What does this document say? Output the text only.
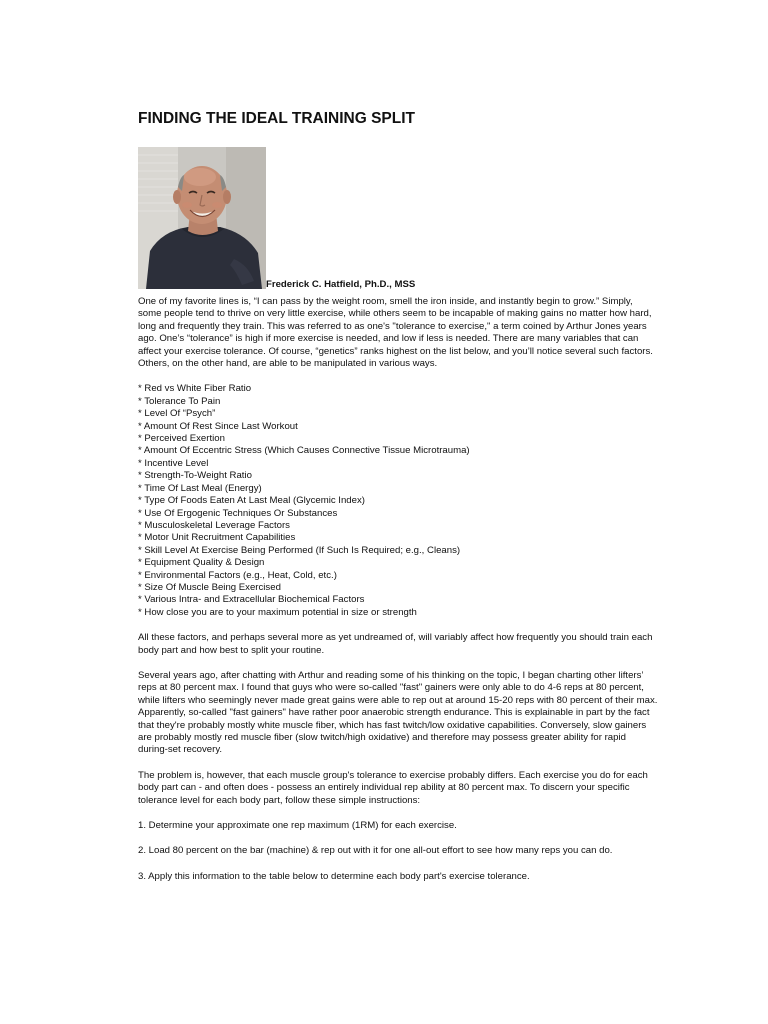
FINDING THE IDEAL TRAINING SPLIT
Frederick C. Hatfield, Ph.D., MSS

One of my favorite lines is, “I can pass by the weight room, smell the iron inside, and instantly begin to grow.” Simply, some people tend to thrive on very little exercise, while others seem to be incapable of making gains no matter how hard, long and frequently they train. This was referred to as one's "tolerance to exercise," a term coined by Arthur Jones years ago. One’s “tolerance” is high if more exercise is needed, and low if less is needed. There are many variables that can affect your exercise tolerance. Of course, “genetics” ranks highest on the list below, and you’ll notice several such factors. Others, on the other hand, are able to be manipulated in various ways.

* Red vs White Fiber Ratio
* Tolerance To Pain
* Level Of “Psych”
* Amount Of Rest Since Last Workout
* Perceived Exertion
* Amount Of Eccentric Stress (Which Causes Connective Tissue Microtrauma)
* Incentive Level
* Strength-To-Weight Ratio
* Time Of Last Meal (Energy)
* Type Of Foods Eaten At Last Meal (Glycemic Index)
* Use Of Ergogenic Techniques Or Substances
* Musculoskeletal Leverage Factors
* Motor Unit Recruitment Capabilities
* Skill Level At Exercise Being Performed (If Such Is Required; e.g., Cleans)
* Equipment Quality & Design
* Environmental Factors (e.g., Heat, Cold, etc.)
* Size Of Muscle Being Exercised
* Various Intra- and Extracellular Biochemical Factors
* How close you are to your maximum potential in size or strength

All these factors, and perhaps several more as yet undreamed of, will variably affect how frequently you should train each body part and how best to split your routine.

Several years ago, after chatting with Arthur and reading some of his thinking on the topic, I began charting other lifters’ reps at 80 percent max. I found that guys who were so-called "fast" gainers were only able to do 4-6 reps at 80 percent, while lifters who seemingly never made great gains were able to rep out at around 15-20 reps with 80 percent of their max. Apparently, so-called "fast gainers" have rather poor anaerobic strength endurance. This is explainable in part by the fact that they're probably mostly white muscle fiber, which has fast twitch/low oxidative capabilities. Conversely, slow gainers are probably mostly red muscle fiber (slow twitch/high oxidative) and therefore may possess greater ability for rapid during-set recovery.

The problem is, however, that each muscle group's tolerance to exercise probably differs. Each exercise you do for each body part can - and often does - possess an entirely individual rep ability at 80 percent max. To discern your specific tolerance level for each body part, follow these simple instructions:

1. Determine your approximate one rep maximum (1RM) for each exercise.
2. Load 80 percent on the bar (machine) & rep out with it for one all-out effort to see how many reps you can do.
3. Apply this information to the table below to determine each body part's exercise tolerance.
